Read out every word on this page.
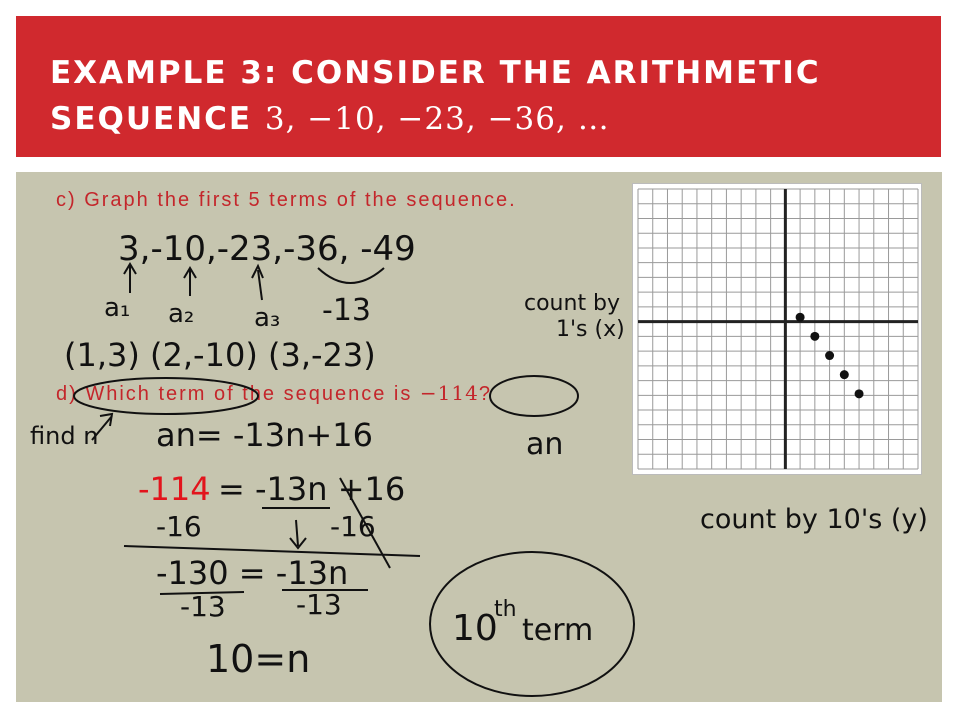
EXAMPLE 3: CONSIDER THE ARITHMETIC
SEQUENCE 3, −10, −23, −36, …
c) Graph the first 5 terms of the sequence.
d) Which term of the sequence is −114?
3,-10,-23,-36, -49
a₁ a₂ a₃ -13
(1,3) (2,-10) (3,-23)
count by
1's (x)
find n an= -13n+16	an
-114 = -13n +16
-16	-16
-130 = -13n
-13	-13
10=n
10
th
term
count by 10's (y)
